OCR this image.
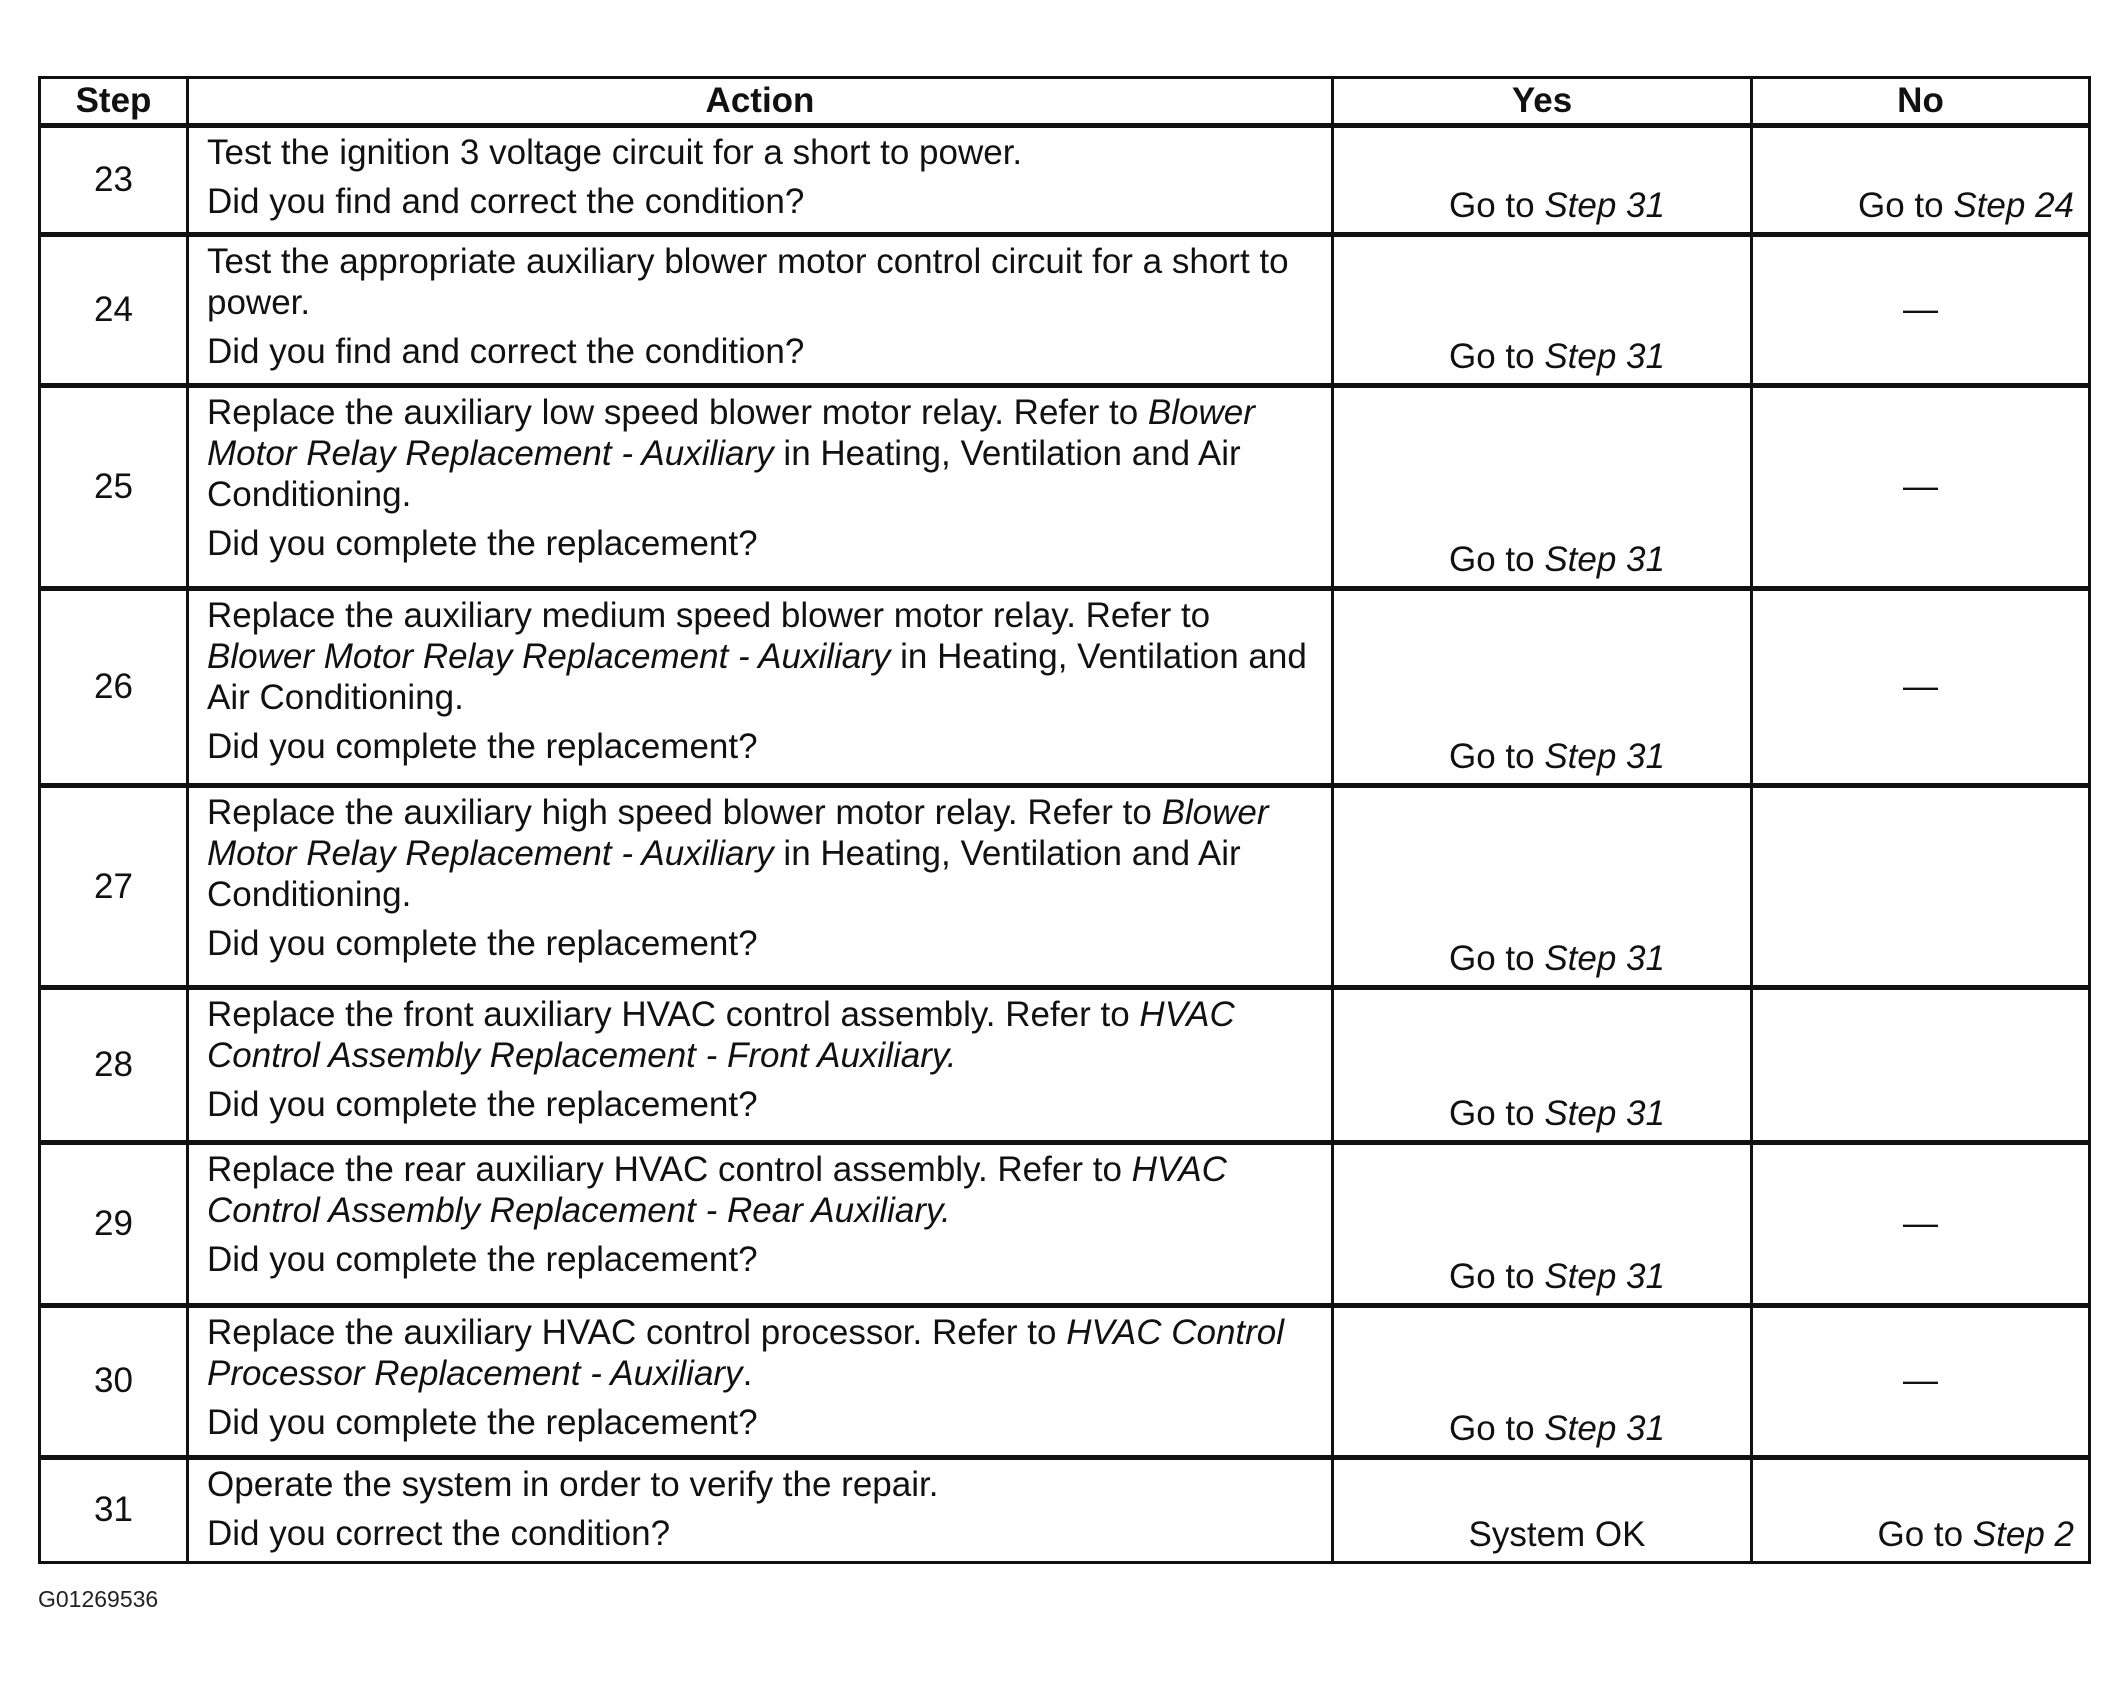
Step	Action	Yes	No
23	Test the ignition 3 voltage circuit for a short to power.
Did you find and correct the condition?	Go to Step 31	Go to Step 24
24	Test the appropriate auxiliary blower motor control circuit for a short to power.
Did you find and correct the condition?	Go to Step 31	—
25	Replace the auxiliary low speed blower motor relay. Refer to Blower Motor Relay Replacement - Auxiliary in Heating, Ventilation and Air Conditioning.
Did you complete the replacement?	Go to Step 31	—
26	Replace the auxiliary medium speed blower motor relay. Refer to Blower Motor Relay Replacement - Auxiliary in Heating, Ventilation and Air Conditioning.
Did you complete the replacement?	Go to Step 31	—
27	Replace the auxiliary high speed blower motor relay. Refer to Blower Motor Relay Replacement - Auxiliary in Heating, Ventilation and Air Conditioning.
Did you complete the replacement?	Go to Step 31	
28	Replace the front auxiliary HVAC control assembly. Refer to HVAC Control Assembly Replacement - Front Auxiliary.
Did you complete the replacement?	Go to Step 31	
29	Replace the rear auxiliary HVAC control assembly. Refer to HVAC Control Assembly Replacement - Rear Auxiliary.
Did you complete the replacement?	Go to Step 31	—
30	Replace the auxiliary HVAC control processor. Refer to HVAC Control Processor Replacement - Auxiliary.
Did you complete the replacement?	Go to Step 31	—
31	Operate the system in order to verify the repair.
Did you correct the condition?	System OK	Go to Step 2
G01269536
